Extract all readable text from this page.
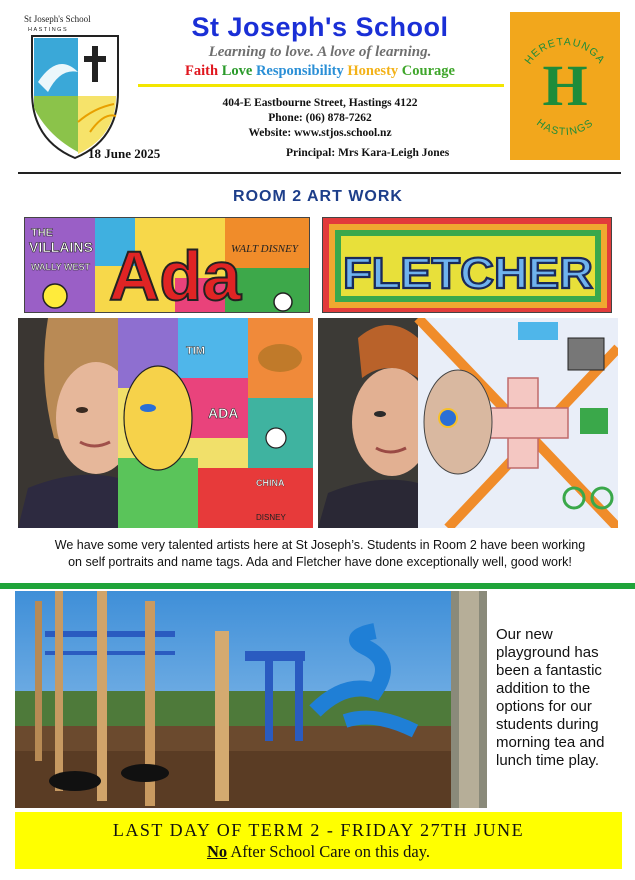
St Joseph's School
HASTINGS	St Joseph's School
Learning to love. A love of learning.
Faith Love Responsibility Honesty Courage
404-E Eastbourne Street, Hastings 4122
Phone: (06) 878-7262
Website: www.stjos.school.nz
18 June 2025	Principal: Mrs Kara-Leigh Jones
HERETAUNGA
H
HASTINGS
ROOM 2 ART WORK
THE
VILLAINS
WALLY WEST
WALT DISNEY
Ada FLETCHER
TIM
ADA
CHINA
DISNEY
We have some very talented artists here at St Joseph’s. Students in Room 2 have been working
on self portraits and name tags. Ada and Fletcher have done exceptionally well, good work!
Our new playground has been a fantastic addition to the options for our students during morning tea and lunch time play.
LAST DAY OF TERM 2 - FRIDAY 27TH JUNE
No After School Care on this day.
